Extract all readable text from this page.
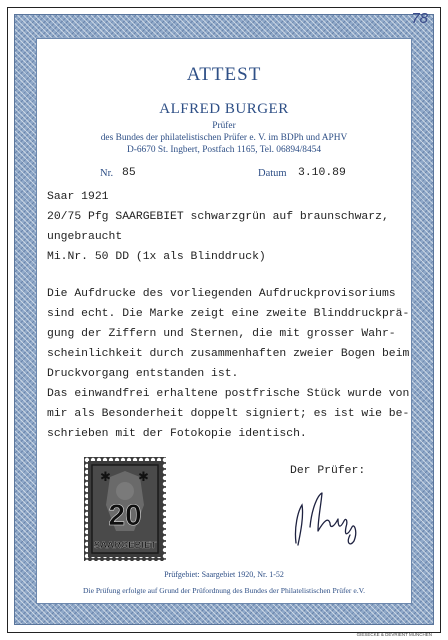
78
ATTEST
ALFRED BURGER
Prüfer
des Bundes der philatelistischen Prüfer e. V. im BDPh und APHV
D-6670 St. Ingbert, Postfach 1165, Tel. 06894/8454
Nr. 85	Datum 3.10.89
Saar 1921
20/75 Pfg SAARGEBIET schwarzgrün auf braunschwarz,
ungebraucht
Mi.Nr. 50 DD (1x als Blinddruck)
Die Aufdrucke des vorliegenden Aufdruckprovisoriums
sind echt. Die Marke zeigt eine zweite Blinddruckprä-
gung der Ziffern und Sternen, die mit grosser Wahr-
scheinlichkeit durch zusammenhaften zweier Bogen beim
Druckvorgang entstanden ist.
Das einwandfrei erhaltene postfrische Stück wurde von
mir als Besonderheit doppelt signiert; es ist wie be-
schrieben mit der Fotokopie identisch.
Der Prüfer:
✱ ✱
20
SAARGEBIET
Prüfgebiet: Saargebiet 1920, Nr. 1-52
Die Prüfung erfolgte auf Grund der Prüfordnung des Bundes der Philatelistischen Prüfer e.V.
GIESECKE & DEVRIENT MÜNCHEN
